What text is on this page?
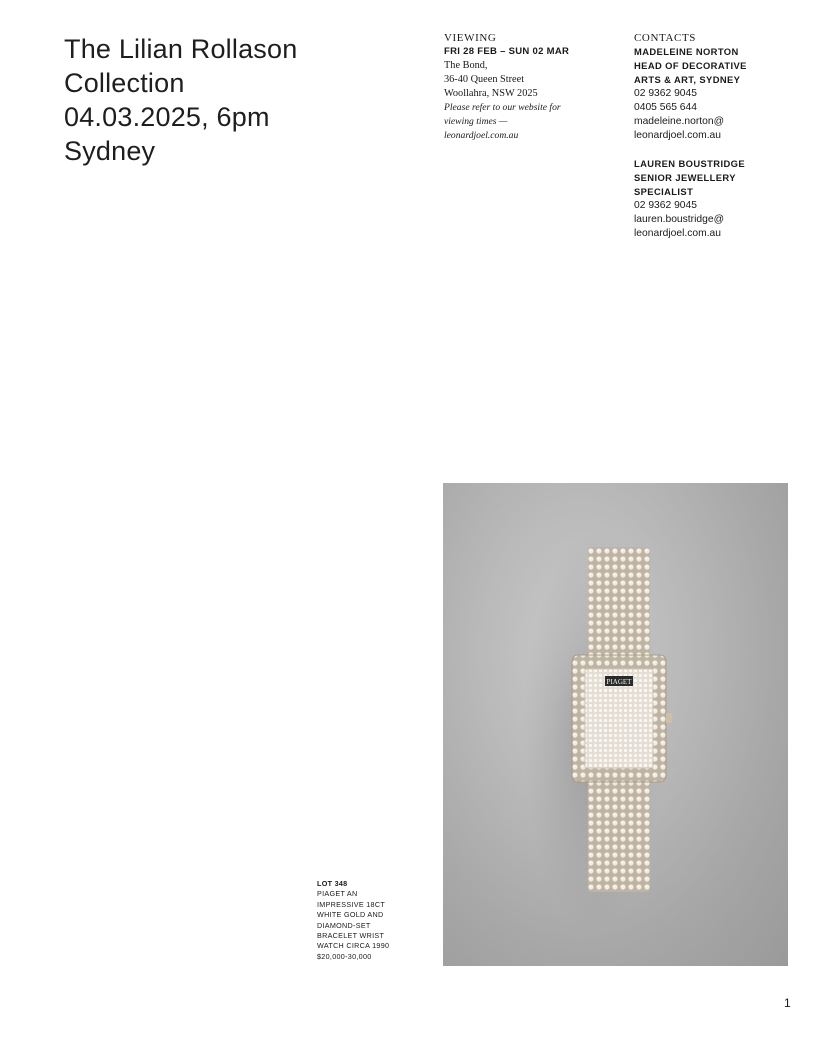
The Lilian Rollason
Collection
04.03.2025, 6pm
Sydney
VIEWING
FRI 28 FEB – SUN 02 MAR
The Bond,
36-40 Queen Street
Woollahra, NSW 2025
Please refer to our website for
viewing times —
leonardjoel.com.au
CONTACTS
MADELEINE NORTON
HEAD OF DECORATIVE
ARTS & ART, SYDNEY
02 9362 9045
0405 565 644
madeleine.norton@
leonardjoel.com.au
LAUREN BOUSTRIDGE
SENIOR JEWELLERY
SPECIALIST
02 9362 9045
lauren.boustridge@
leonardjoel.com.au
PIAGET
LOT 348
PIAGET AN
IMPRESSIVE 18CT
WHITE GOLD AND
DIAMOND-SET
BRACELET WRIST
WATCH CIRCA 1990
$20,000-30,000
1
